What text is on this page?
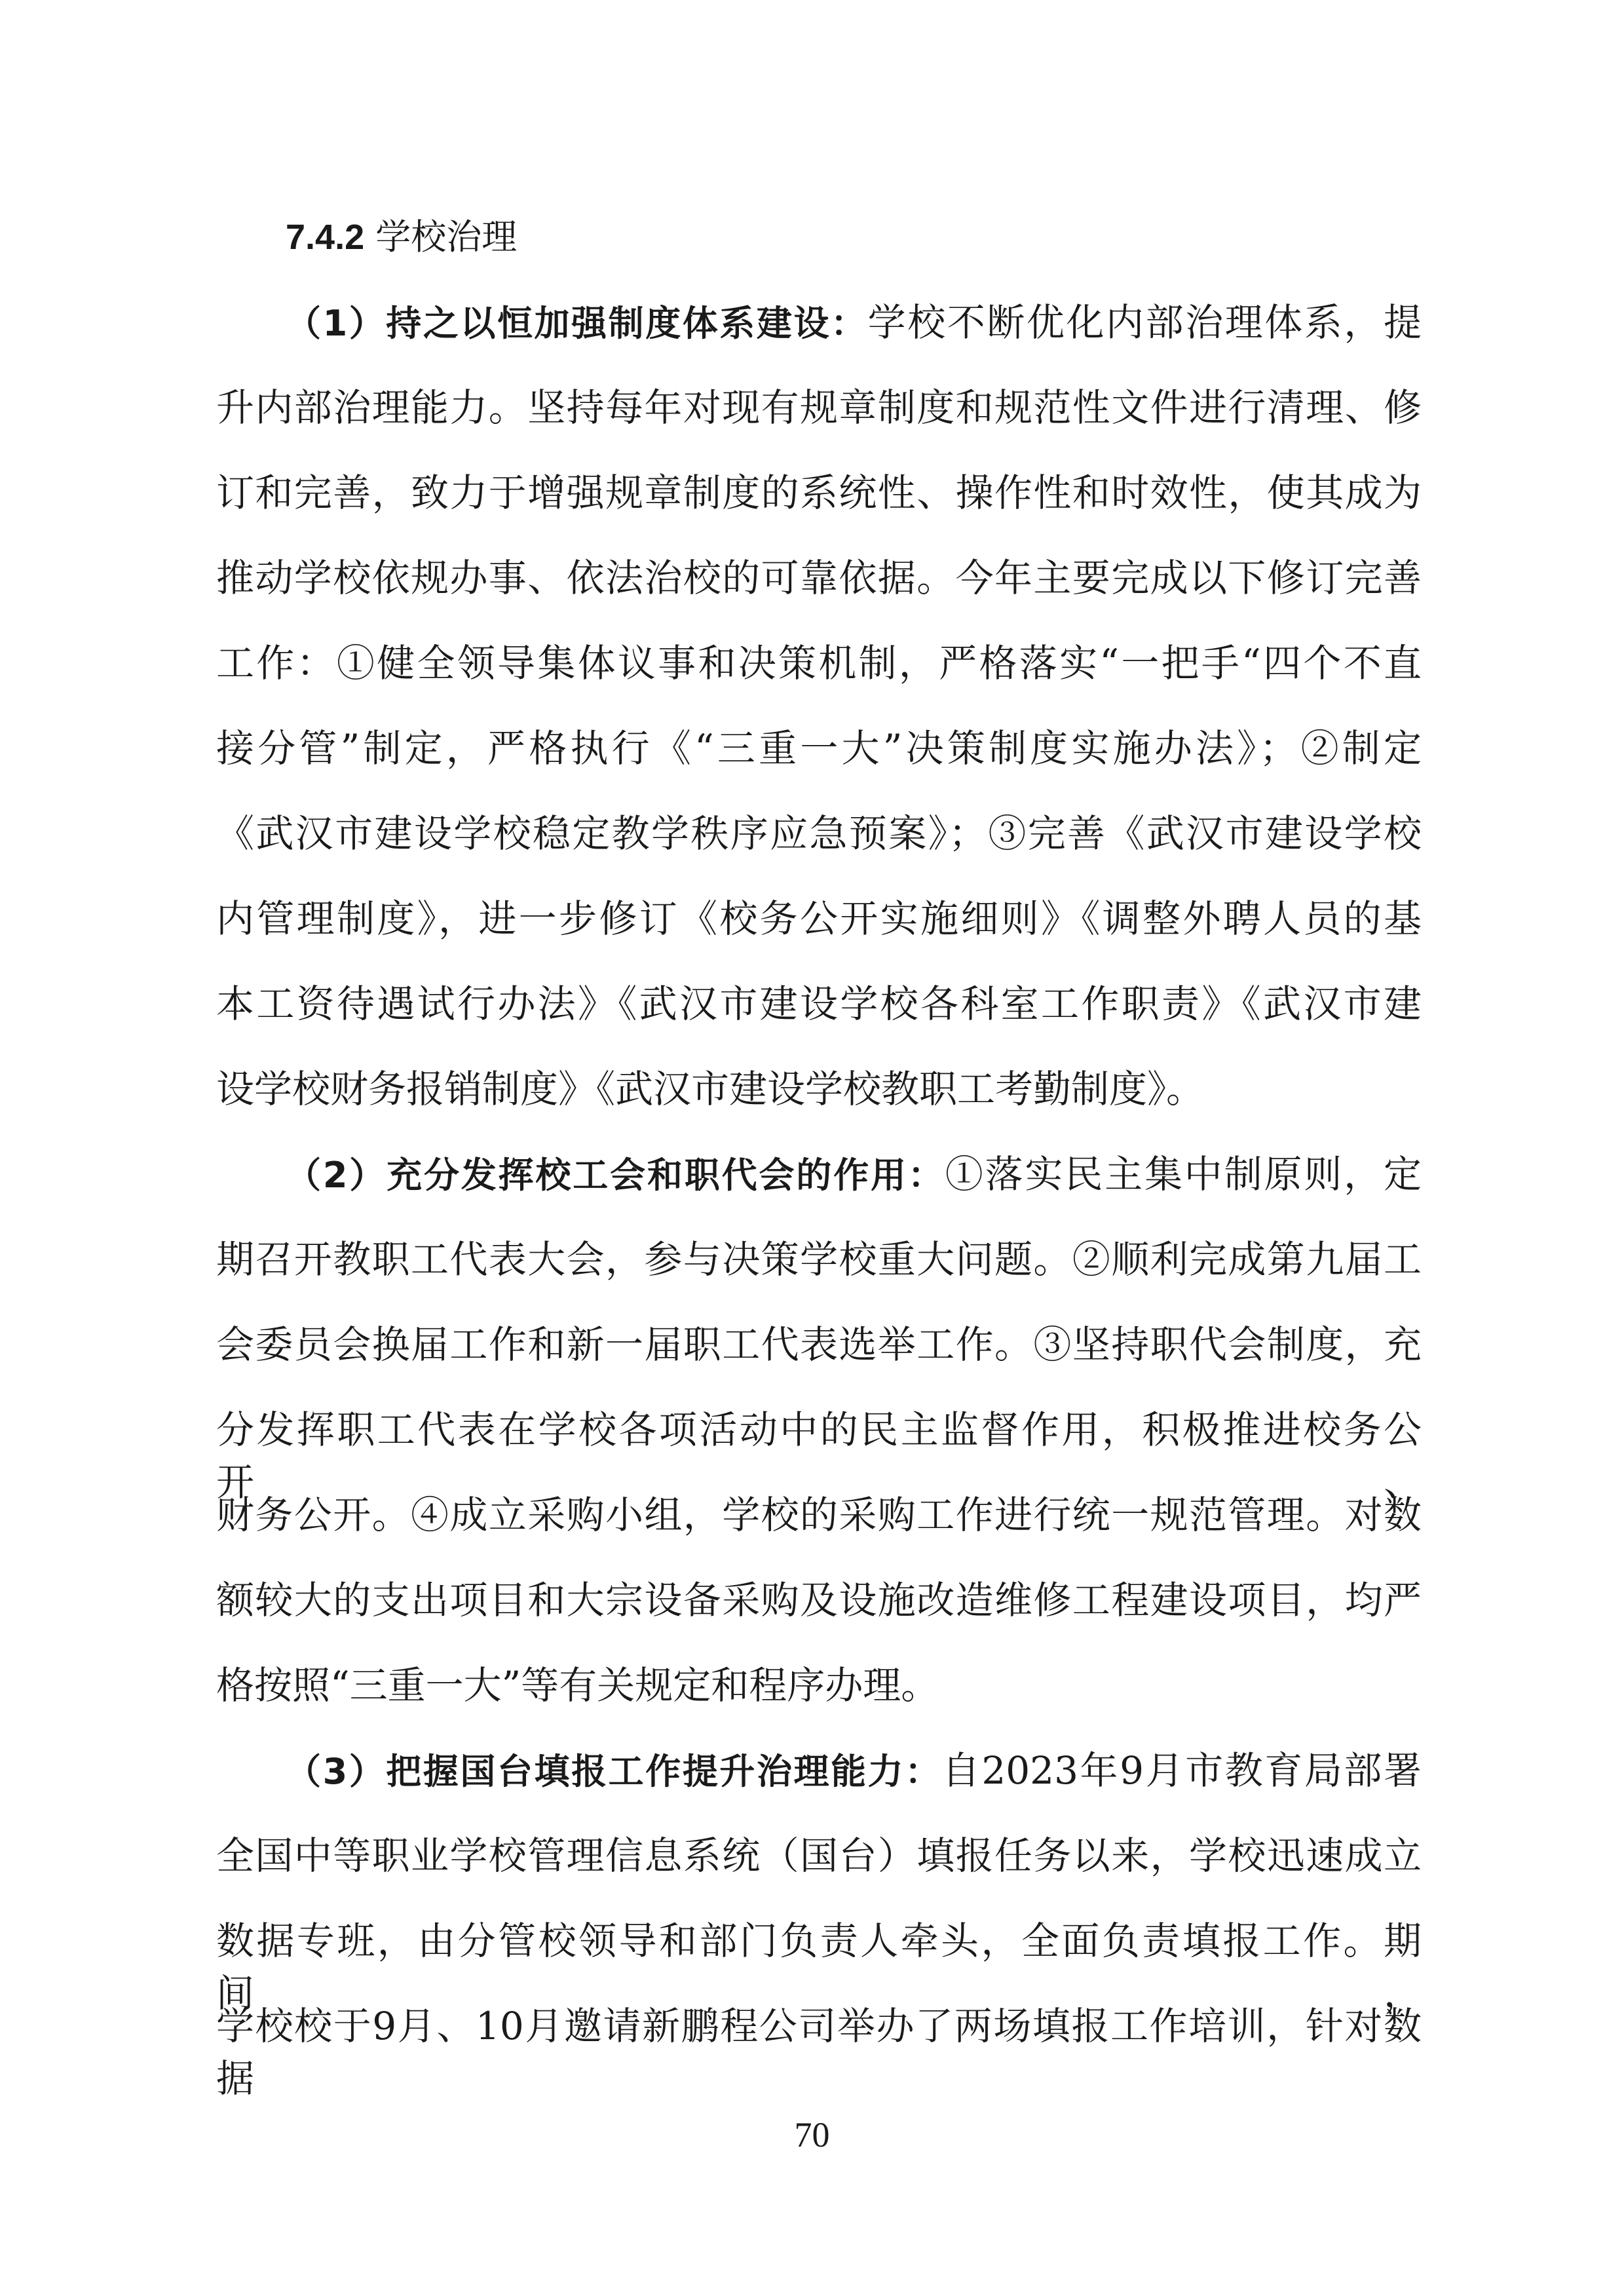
7.4.2 学校治理

（1）持之以恒加强制度体系建设：学校不断优化内部治理体系，提

升内部治理能力。坚持每年对现有规章制度和规范性文件进行清理、修

订和完善，致力于增强规章制度的系统性、操作性和时效性，使其成为

推动学校依规办事、依法治校的可靠依据。今年主要完成以下修订完善

工作：①健全领导集体议事和决策机制，严格落实“一把手“四个不直

接分管”制定，严格执行《“三重一大”决策制度实施办法》；②制定

《武汉市建设学校稳定教学秩序应急预案》；③完善《武汉市建设学校

内管理制度》，进一步修订《校务公开实施细则》《调整外聘人员的基

本工资待遇试行办法》《武汉市建设学校各科室工作职责》《武汉市建

设学校财务报销制度》《武汉市建设学校教职工考勤制度》。

（2）充分发挥校工会和职代会的作用：①落实民主集中制原则，定

期召开教职工代表大会，参与决策学校重大问题。②顺利完成第九届工

会委员会换届工作和新一届职工代表选举工作。③坚持职代会制度，充

分发挥职工代表在学校各项活动中的民主监督作用，积极推进校务公开、

财务公开。④成立采购小组，学校的采购工作进行统一规范管理。对数

额较大的支出项目和大宗设备采购及设施改造维修工程建设项目，均严

格按照“三重一大”等有关规定和程序办理。

（3）把握国台填报工作提升治理能力：自2023年9月市教育局部署

全国中等职业学校管理信息系统（国台）填报任务以来，学校迅速成立

数据专班，由分管校领导和部门负责人牵头，全面负责填报工作。期间，

学校校于9月、10月邀请新鹏程公司举办了两场填报工作培训，针对数据

70
